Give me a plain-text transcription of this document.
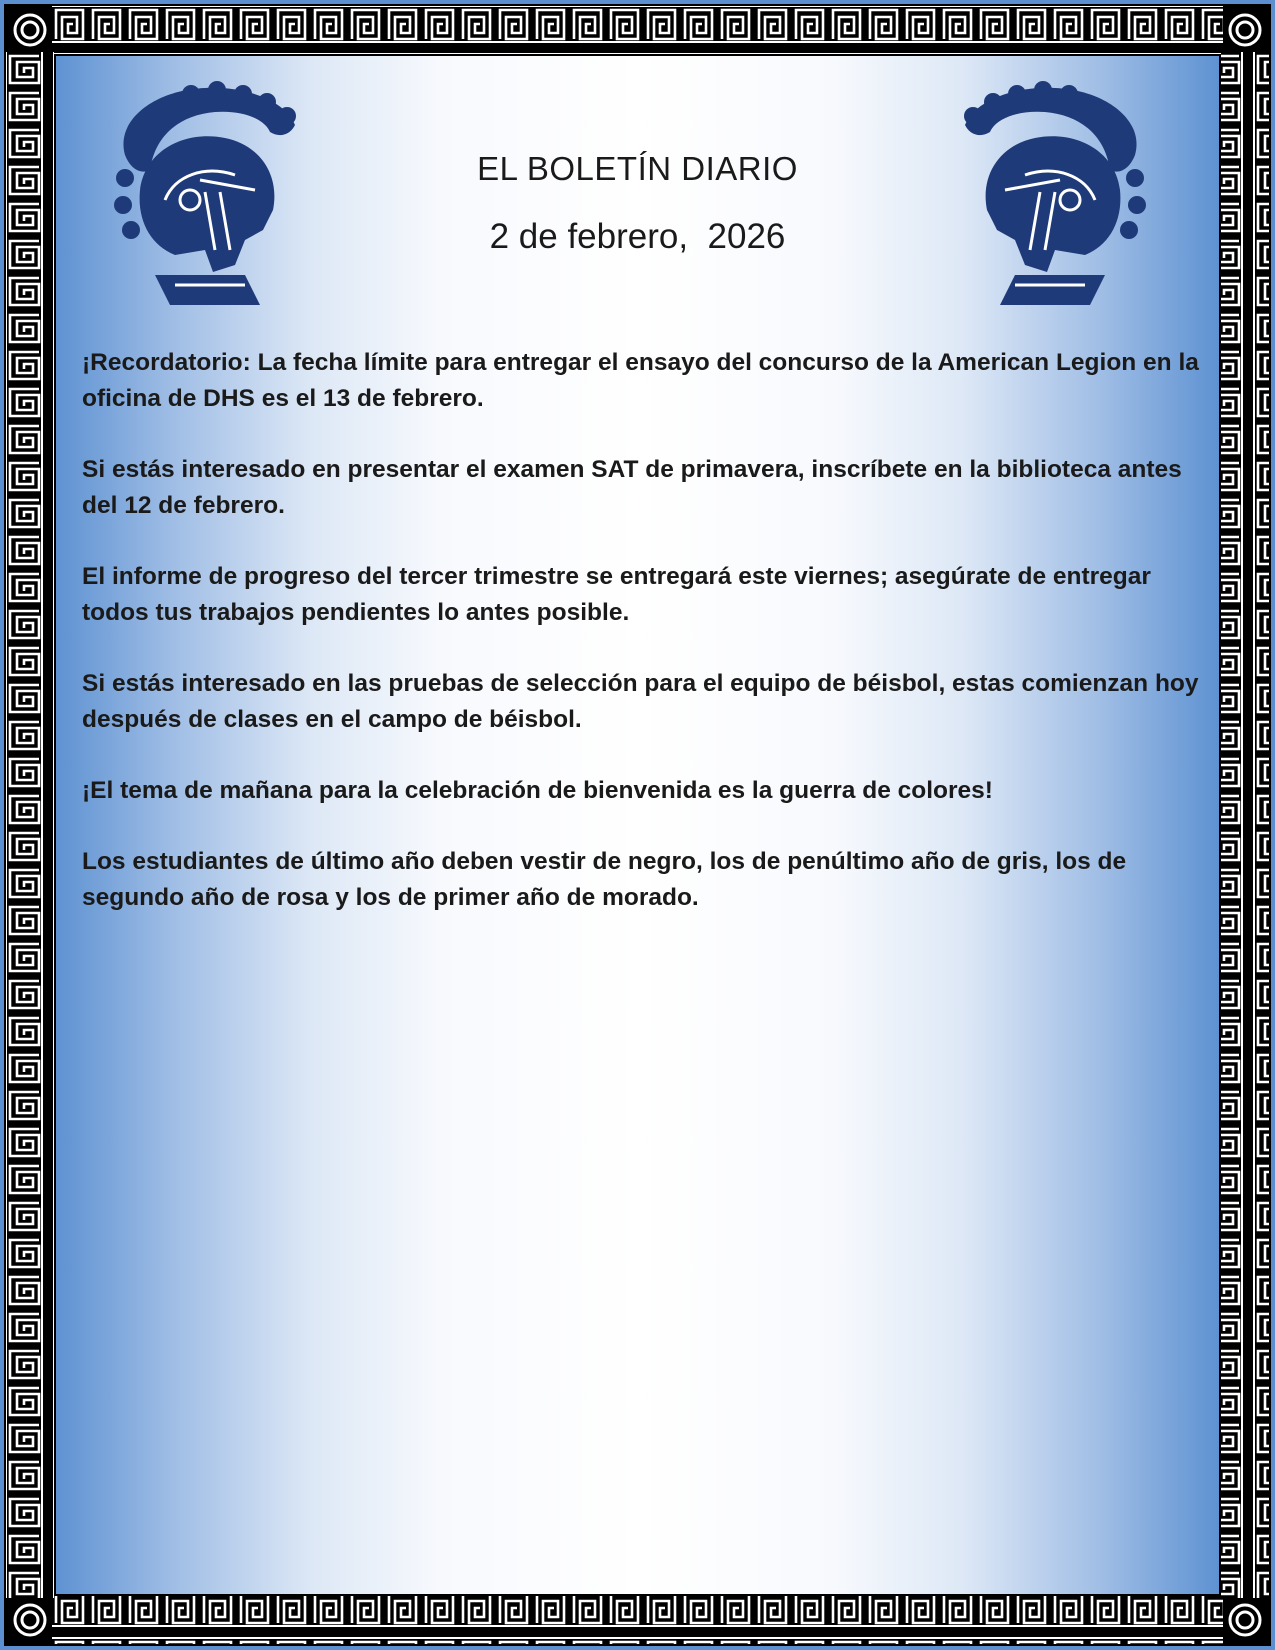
EL BOLETÍN DIARIO
2 de febrero,  2026

¡Recordatorio: La fecha límite para entregar el ensayo del concurso de la American Legion en la oficina de DHS es el 13 de febrero.

Si estás interesado en presentar el examen SAT de primavera, inscríbete en la biblioteca antes del 12 de febrero.

El informe de progreso del tercer trimestre se entregará este viernes; asegúrate de entregar todos tus trabajos pendientes lo antes posible.

Si estás interesado en las pruebas de selección para el equipo de béisbol, estas comienzan hoy después de clases en el campo de béisbol.

¡El tema de mañana para la celebración de bienvenida es la guerra de colores!

Los estudiantes de último año deben vestir de negro, los de penúltimo año de gris, los de segundo año de rosa y los de primer año de morado.
